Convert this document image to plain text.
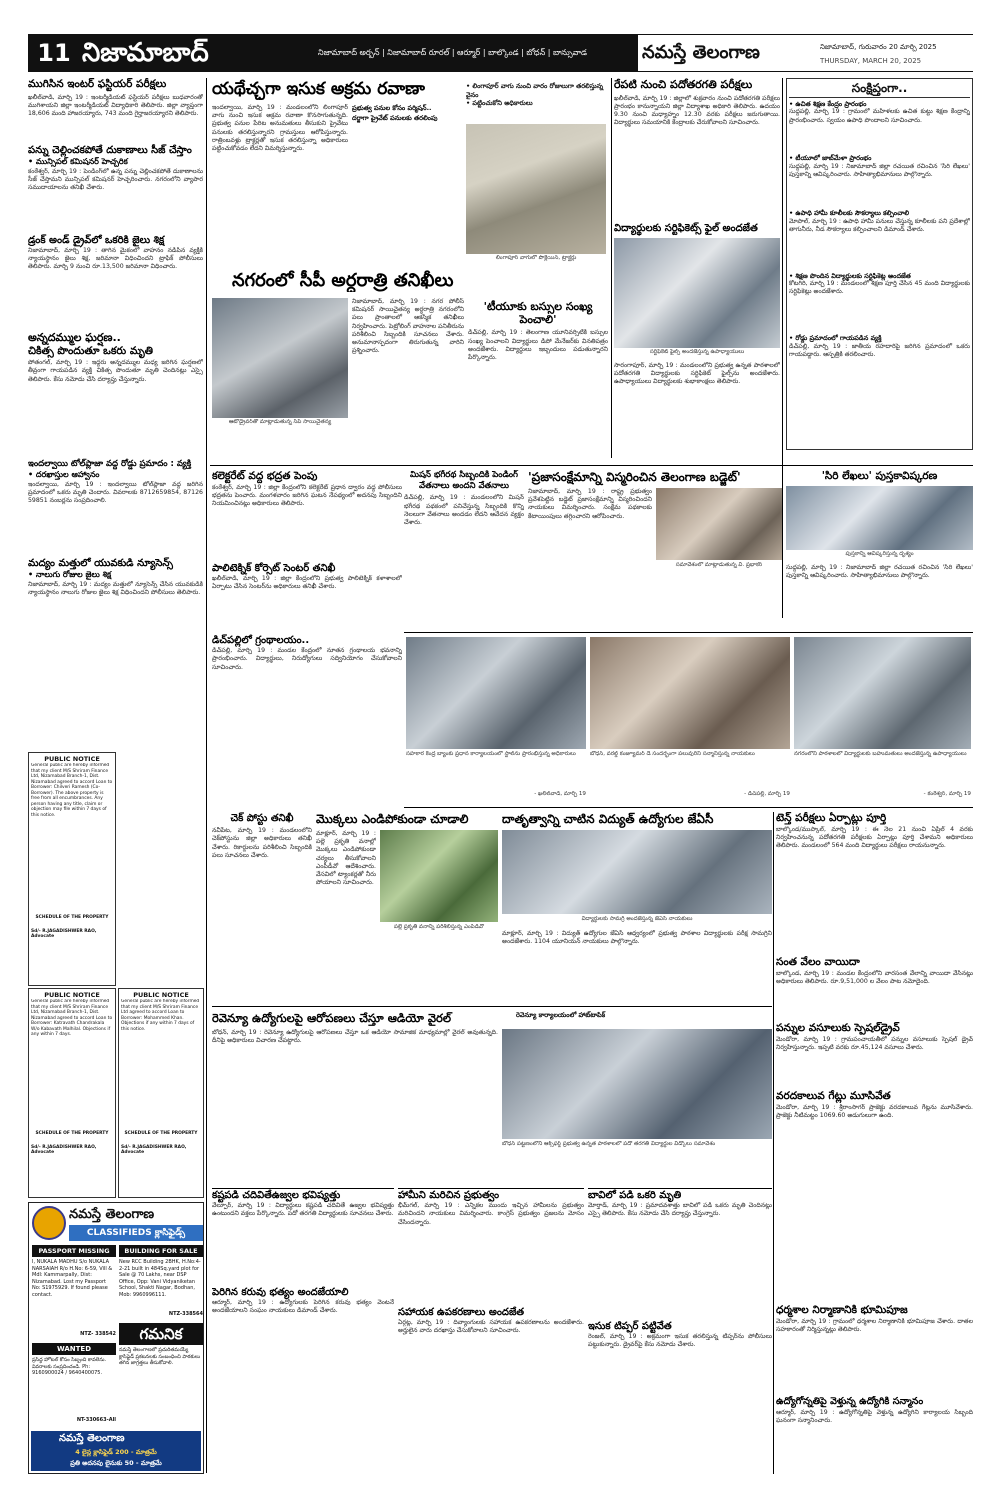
11 నిజామాబాద్	నిజామాబాద్ అర్బన్ | నిజామాబాద్ రూరల్ | ఆర్మూర్ | బాల్కొండ | బోధన్ | బాన్సువాడ	నమస్తే తెలంగాణ	నిజామాబాద్, గురువారం 20 మార్చి 2025
THURSDAY, MARCH 20, 2025
ముగిసిన ఇంటర్ ఫస్టియర్ పరీక్షలు
ఖలీల్‌వాడి, మార్చి 19 : ఇంటర్మీడియట్ ఫస్టియర్ పరీక్షలు బుధవారంతో ముగిశాయని జిల్లా ఇంటర్మీడియట్ విద్యాధికారి తెలిపారు. జిల్లా వ్యాప్తంగా 18,606 మంది హాజరయ్యారు, 743 మంది గైర్హాజరయ్యారని తెలిపారు.
పన్ను చెల్లించకపోతే దుకాణాలు సీజ్ చేస్తాం
• మున్సిపల్ కమిషనర్ హెచ్చరిక
కంఠేశ్వర్, మార్చి 19 : పెండింగ్‌లో ఉన్న పన్ను చెల్లించకపోతే దుకాణాలను సీజ్ చేస్తామని మున్సిపల్ కమిషనర్ హెచ్చరించారు. నగరంలోని వ్యాపార సముదాయాలను తనిఖీ చేశారు.
డ్రంక్ అండ్ డ్రైవ్‌లో ఒకరికి జైలు శిక్ష
నిజామాబాద్, మార్చి 19 : తాగిన మైకంలో వాహనం నడిపిన వ్యక్తికి న్యాయస్థానం జైలు శిక్ష, జరిమానా విధించిందని ట్రాఫిక్ పోలీసులు తెలిపారు. మార్చి 9 నుంచి రూ.13,500 జరిమానా విధించారు.
అన్నదమ్ముల ఘర్షణ..
చికిత్స పొందుతూ ఒకరు మృతి
పోతంగల్, మార్చి 19 : ఇద్దరు అన్నదమ్ముల మధ్య జరిగిన ఘర్షణలో తీవ్రంగా గాయపడిన వ్యక్తి చికిత్స పొందుతూ మృతి చెందినట్లు ఎస్సై తెలిపారు. కేసు నమోదు చేసి దర్యాప్తు చేస్తున్నారు.
ఇందల్వాయి టోల్‌ప్లాజా వద్ద రోడ్డు ప్రమాదం : వ్యక్తి
• దరఖాస్తుల ఆహ్వానం
ఇందల్వాయి, మార్చి 19 : ఇందల్వాయి టోల్‌ప్లాజా వద్ద జరిగిన ప్రమాదంలో ఒకరు మృతి చెందారు. వివరాలకు 8712659854, 87126 59851 నంబర్లను సంప్రదించాలి.
మద్యం మత్తులో యువకుడి న్యూసెన్స్
• నాలుగు రోజుల జైలు శిక్ష
నిజామాబాద్, మార్చి 19 : మద్యం మత్తులో న్యూసెన్స్ చేసిన యువకుడికి న్యాయస్థానం నాలుగు రోజుల జైలు శిక్ష విధించిందని పోలీసులు తెలిపారు.
PUBLIC NOTICE
General public are hereby informed that my client M/S Shriram Finance Ltd, Nizamabad Branch-1, Dist. Nizamabad agreed to accord Loan to Borrower: Chilveri Ramesh (Co-Borrower). The above property is free from all encumbrances. Any person having any title, claim or objection may file within 7 days of this notice.
SCHEDULE OF THE PROPERTY
Sd/- R.JAGADISHWER RAO, Advocate
PUBLIC NOTICE
General public are hereby informed that my client M/S Shriram Finance Ltd, Nizamabad Branch-1, Dist. Nizamabad agreed to accord Loan to Borrower: Katravath Chandrakala W/o Kabavath Malhilal. Objections if any within 7 days.
SCHEDULE OF THE PROPERTY
Sd/- R.JAGADISHWER RAO, Advocate
PUBLIC NOTICE
General public are hereby informed that my client M/S Shriram Finance Ltd agreed to accord Loan to Borrower: Mohammed Khan. Objections if any within 7 days of this notice.
SCHEDULE OF THE PROPERTY
Sd/- R.JAGADISHWER RAO, Advocate
నమస్తే తెలంగాణ
CLASSIFIEDS క్లాసిఫైడ్స్
PASSPORT MISSING
I, NUKALA MADHU S/o NUKALA NARSAIAH R/o H.No: 6-59, Vill & Mdl: Kammarpally, Dist: Nizamabad. Lost my Passport No: S1975929. If found please contact.
NTZ- 338542
BUILDING FOR SALE
New RCC Building 2BHK, H.No:4-2-21 built in 484Sq.yard plot for Sale @ 70 Lakhs, near DSP Office, Opp: Vani Vidyaniketan School, Shakti Nagar, Bodhan, Mob: 9960996111.
NTZ-338564
గమనిక
నమస్తే తెలంగాణలో ప్రచురితమయ్యే క్లాసిఫైడ్ ప్రకటనలకు సంబంధించి పాఠకులు తగిన జాగ్రత్తలు తీసుకోవాలి.
WANTED
ప్రసిద్ధ హోటల్ కోసం సిబ్బంది కావలెను. వివరాలకు సంప్రదించండి. Ph: 9160900024 / 9640400075.
NT-330663-All
నమస్తే తెలంగాణ
4 లైన్ల క్లాసిఫైడ్ 200 - మాత్రమే
ప్రతి అదనపు లైనుకు 50 - మాత్రమే
యథేచ్ఛగా ఇసుక అక్రమ రవాణా
ప్రభుత్వ పనుల కోసం పర్మిషన్..
దర్జాగా ప్రైవేట్ పనులకు తరలింపు
ఇందల్వాయి, మార్చి 19 : మండలంలోని లింగాపూర్ వాగు నుంచి ఇసుక అక్రమ రవాణా కొనసాగుతున్నది. ప్రభుత్వ పనుల పేరిట అనుమతులు తీసుకుని ప్రైవేటు పనులకు తరలిస్తున్నారని గ్రామస్తులు ఆరోపిస్తున్నారు. రాత్రింబవళ్లు ట్రాక్టర్లతో ఇసుక తరలిస్తున్నా అధికారులు పట్టించుకోవడం లేదని విమర్శిస్తున్నారు.
• లింగాపూర్ వాగు నుంచి వారం రోజులుగా తరలిస్తున్న వైనం
• పట్టించుకోని అధికారులు
లింగాపూర్ వాగులో పొక్లెయిన్, ట్రాక్టర్లు
నగరంలో సీపీ అర్ధరాత్రి తనిఖీలు
ఆటోడ్రైవర్‌తో మాట్లాడుతున్న సీపీ సాయిచైతన్య
నిజామాబాద్, మార్చి 19 : నగర పోలీస్ కమిషనర్ సాయిచైతన్య అర్ధరాత్రి నగరంలోని పలు ప్రాంతాలలో ఆకస్మిక తనిఖీలు నిర్వహించారు. పెట్రోలింగ్ వాహనాల పనితీరును పరిశీలించి సిబ్బందికి సూచనలు చేశారు. అనుమానాస్పదంగా తిరుగుతున్న వారిని ప్రశ్నించారు.
'టీయూకు బస్సుల సంఖ్య పెంచాలి'
డిచ్‌పల్లి, మార్చి 19 : తెలంగాణ యూనివర్సిటీకి బస్సుల సంఖ్య పెంచాలని విద్యార్థులు డిపో మేనేజర్‌కు వినతిపత్రం అందజేశారు. విద్యార్థులు ఇబ్బందులు పడుతున్నారని పేర్కొన్నారు.
రేపటి నుంచి పదోతరగతి పరీక్షలు
ఖలీల్‌వాడి, మార్చి 19 : జిల్లాలో శుక్రవారం నుంచి పదోతరగతి పరీక్షలు ప్రారంభం కానున్నాయని జిల్లా విద్యాశాఖ అధికారి తెలిపారు. ఉదయం 9.30 నుంచి మధ్యాహ్నం 12.30 వరకు పరీక్షలు జరుగుతాయి. విద్యార్థులు సమయానికి కేంద్రాలకు చేరుకోవాలని సూచించారు.
విద్యార్థులకు సర్టిఫికెట్స్ ఫైల్ అందజేత
సర్టిఫికెట్ ఫైల్స్ అందజేస్తున్న ఉపాధ్యాయులు
సారంగాపూర్, మార్చి 19 : మండలంలోని ప్రభుత్వ ఉన్నత పాఠశాలలో పదోతరగతి విద్యార్థులకు సర్టిఫికెట్ ఫైల్స్‌ను అందజేశారు. ఉపాధ్యాయులు విద్యార్థులకు శుభాకాంక్షలు తెలిపారు.
సంక్షిప్తంగా..
• ఉచిత శిక్షణ కేంద్రం ప్రారంభం
సుద్దపల్లి, మార్చి 19 : గ్రామంలో మహిళలకు ఉచిత కుట్టు శిక్షణ కేంద్రాన్ని ప్రారంభించారు. స్వయం ఉపాధి పొందాలని సూచించారు.
• టీయూలో జాబ్‌మేళా ప్రారంభం
సుద్దపల్లి, మార్చి 19 : నిజామాబాద్ జిల్లా రచయిత రచించిన 'సిరి లేఖలు' పుస్తకాన్ని ఆవిష్కరించారు. సాహిత్యాభిమానులు పాల్గొన్నారు.
• ఉపాధి హామీ కూలీలకు సౌకర్యాలు కల్పించాలి
మోపాల్, మార్చి 19 : ఉపాధి హామీ పనులు చేస్తున్న కూలీలకు పని ప్రదేశాల్లో తాగునీరు, నీడ సౌకర్యాలు కల్పించాలని డిమాండ్ చేశారు.
• శిక్షణ పొందిన విద్యార్థులకు సర్టిఫికెట్ల అందజేత
కోటగిరి, మార్చి 19 : మండలంలో శిక్షణ పూర్తి చేసిన 45 మంది విద్యార్థులకు సర్టిఫికెట్లు అందజేశారు.
• రోడ్డు ప్రమాదంలో గాయపడిన వ్యక్తి
డిచ్‌పల్లి, మార్చి 19 : జాతీయ రహదారిపై జరిగిన ప్రమాదంలో ఒకరు గాయపడ్డారు. ఆస్పత్రికి తరలించారు.
కలెక్టరేట్ వద్ద భద్రత పెంపు
కంఠేశ్వర్, మార్చి 19 : జిల్లా కేంద్రంలోని కలెక్టరేట్ ప్రధాన ద్వారం వద్ద పోలీసులు భద్రతను పెంచారు. మంగళవారం జరిగిన ఘటన నేపథ్యంలో అదనపు సిబ్బందిని నియమించినట్లు అధికారులు తెలిపారు.
పాలిటెక్నిక్ కోర్సెట్ సెంటర్ తనిఖీ
ఖలీల్‌వాడి, మార్చి 19 : జిల్లా కేంద్రంలోని ప్రభుత్వ పాలిటెక్నిక్ కళాశాలలో ఏర్పాటు చేసిన సెంటర్‌ను అధికారులు తనిఖీ చేశారు.
డిచ్‌పల్లిలో గ్రంథాలయం..
డిచ్‌పల్లి, మార్చి 19 : మండల కేంద్రంలో నూతన గ్రంథాలయ భవనాన్ని ప్రారంభించారు. విద్యార్థులు, నిరుద్యోగులు సద్వినియోగం చేసుకోవాలని సూచించారు.
మిషన్ భగీరథ సిబ్బందికి పెండింగ్ వేతనాలు అందని వేతనాలు
డిచ్‌పల్లి, మార్చి 19 : మండలంలోని మిషన్ భగీరథ పథకంలో పనిచేస్తున్న సిబ్బందికి కొన్ని నెలలుగా వేతనాలు అందడం లేదని ఆవేదన వ్యక్తం చేశారు.
'ప్రజాసంక్షేమాన్ని విస్మరించిన తెలంగాణ బడ్జెట్'
నిజామాబాద్, మార్చి 19 : రాష్ట్ర ప్రభుత్వం ప్రవేశపెట్టిన బడ్జెట్ ప్రజాసంక్షేమాన్ని విస్మరించిందని నాయకులు విమర్శించారు. సంక్షేమ పథకాలకు కేటాయింపులు తగ్గించారని ఆరోపించారు.
సమావేశంలో మాట్లాడుతున్న వి. ప్రభాకర్
'సిరి లేఖలు' పుస్తకావిష్కరణ
పుస్తకాన్ని ఆవిష్కరిస్తున్న దృశ్యం
సుద్దపల్లి, మార్చి 19 : నిజామాబాద్ జిల్లా రచయిత రచించిన 'సిరి లేఖలు' పుస్తకాన్ని ఆవిష్కరించారు. సాహిత్యాభిమానులు పాల్గొన్నారు.
సహకార కేంద్ర బ్యాంకు ప్రధాన కార్యాలయంలో స్టాల్‌ను ప్రారంభిస్తున్న అధికారులు
- ఖలీల్‌వాడి, మార్చి 19
బోధన్, వరల్డ్ కంజ్యూమర్ డే సందర్భంగా పలువురిని సన్మానిస్తున్న నాయకులు
- డిచ్‌పల్లి, మార్చి 19
నగరంలోని పాఠశాలలో విద్యార్థులకు బహుమతులు అందజేస్తున్న ఉపాధ్యాయులు
- కంఠేశ్వర్, మార్చి 19
చెక్ పోస్టు తనిఖీ
నవీపేట, మార్చి 19 : మండలంలోని చెక్‌పోస్టును జిల్లా అధికారులు తనిఖీ చేశారు. రికార్డులను పరిశీలించి సిబ్బందికి పలు సూచనలు చేశారు.
మొక్కలు ఎండిపోకుండా చూడాలి
మాక్లూర్, మార్చి 19 : పల్లె ప్రకృతి వనాల్లో మొక్కలు ఎండిపోకుండా చర్యలు తీసుకోవాలని ఎంపీడీవో ఆదేశించారు. వేసవిలో ట్యాంకర్లతో నీరు పోయాలని సూచించారు.
పల్లె ప్రకృతి వనాన్ని పరిశీలిస్తున్న ఎంపీడీవో
దాతృత్వాన్ని చాటిన విద్యుత్ ఉద్యోగుల జేఏసీ
విద్యార్థులకు సామగ్రి అందజేస్తున్న జేఏసీ నాయకులు
మాక్లూర్, మార్చి 19 : విద్యుత్ ఉద్యోగుల జేఏసీ ఆధ్వర్యంలో ప్రభుత్వ పాఠశాల విద్యార్థులకు పరీక్ష సామగ్రిని అందజేశారు. 1104 యూనియన్ నాయకులు పాల్గొన్నారు.
టెన్త్ పరీక్షలు ఏర్పాట్లు పూర్తి
బాల్కొండ/ముప్కాల్, మార్చి 19 : ఈ నెల 21 నుంచి ఏప్రిల్ 4 వరకు నిర్వహించనున్న పదోతరగతి పరీక్షలకు ఏర్పాట్లు పూర్తి చేశామని అధికారులు తెలిపారు. మండలంలో 564 మంది విద్యార్థులు పరీక్షలు రాయనున్నారు.
సంత వేలం వాయిదా
బాల్కొండ, మార్చి 19 : మండల కేంద్రంలోని వారసంత వేలాన్ని వాయిదా వేసినట్లు అధికారులు తెలిపారు. రూ.9,51,000 ల వేలం పాట నమోదైంది.
పన్నుల వసూలుకు స్పెషల్‌డ్రైవ్
మెండోరా, మార్చి 19 : గ్రామపంచాయతీలో పన్నుల వసూలుకు స్పెషల్ డ్రైవ్ నిర్వహిస్తున్నారు. ఇప్పటి వరకు రూ.45,124 వసూలు చేశారు.
వరదకాలువ గేట్లు మూసివేత
మెండోరా, మార్చి 19 : శ్రీరాంసాగర్ ప్రాజెక్టు వరదకాలువ గేట్లను మూసివేశారు. ప్రాజెక్టు నీటిమట్టం 1069.60 అడుగులుగా ఉంది.
ధర్మశాల నిర్మాణానికి భూమిపూజ
మెండోరా, మార్చి 19 : గ్రామంలో ధర్మశాల నిర్మాణానికి భూమిపూజ చేశారు. దాతల సహకారంతో నిర్మిస్తున్నట్లు తెలిపారు.
ఉద్యోగోన్నతిపై వెళ్తున్న ఉద్యోగికి సన్మానం
ఆర్మూర్, మార్చి 19 : ఉద్యోగోన్నతిపై వెళ్తున్న ఉద్యోగిని కార్యాలయ సిబ్బంది ఘనంగా సన్మానించారు.
రెవెన్యూ ఉద్యోగులపై ఆరోపణలు చేస్తూ ఆడియో వైరల్	రెవెన్యూ కార్యాలయంలో హాట్‌టాపిక్
బోధన్, మార్చి 19 : రెవెన్యూ ఉద్యోగులపై ఆరోపణలు చేస్తూ ఒక ఆడియో సామాజిక మాధ్యమాల్లో వైరల్ అవుతున్నది. దీనిపై అధికారులు విచారణ చేపట్టారు.
బోధన్ పట్టణంలోని ఆక్స్‌ఫర్డ్ ప్రభుత్వ ఉన్నత పాఠశాలలో పదో తరగతి విద్యార్థుల వీడ్కోలు సమావేశం
కష్టపడి చదివితేఉజ్వల భవిష్యత్తు
వేల్పూర్, మార్చి 19 : విద్యార్థులు కష్టపడి చదివితే ఉజ్వల భవిష్యత్తు ఉంటుందని వక్తలు పేర్కొన్నారు. పదో తరగతి విద్యార్థులకు సూచనలు చేశారు.
పెరిగిన కరువు భత్యం అందజేయాలి
ఆర్మూర్, మార్చి 19 : ఉద్యోగులకు పెరిగిన కరువు భత్యం వెంటనే అందజేయాలని సంఘం నాయకులు డిమాండ్ చేశారు.
హామీని మరిచిన ప్రభుత్వం
భీమ్‌గల్, మార్చి 19 : ఎన్నికల ముందు ఇచ్చిన హామీలను ప్రభుత్వం మరిచిందని నాయకులు విమర్శించారు. కాంగ్రెస్ ప్రభుత్వం ప్రజలను మోసం చేసిందన్నారు.
సహాయక ఉపకరణాలు అందజేత
ఏర్గట్ల, మార్చి 19 : దివ్యాంగులకు సహాయక ఉపకరణాలను అందజేశారు. అర్హులైన వారు దరఖాస్తు చేసుకోవాలని సూచించారు.
బావిలో పడి ఒకరి మృతి
మోర్తాడ్, మార్చి 19 : ప్రమాదవశాత్తు బావిలో పడి ఒకరు మృతి చెందినట్లు ఎస్సై తెలిపారు. కేసు నమోదు చేసి దర్యాప్తు చేస్తున్నారు.
ఇసుక టిప్పర్ పట్టివేత
రెంజల్, మార్చి 19 : అక్రమంగా ఇసుక తరలిస్తున్న టిప్పర్‌ను పోలీసులు పట్టుకున్నారు. డ్రైవర్‌పై కేసు నమోదు చేశారు.
